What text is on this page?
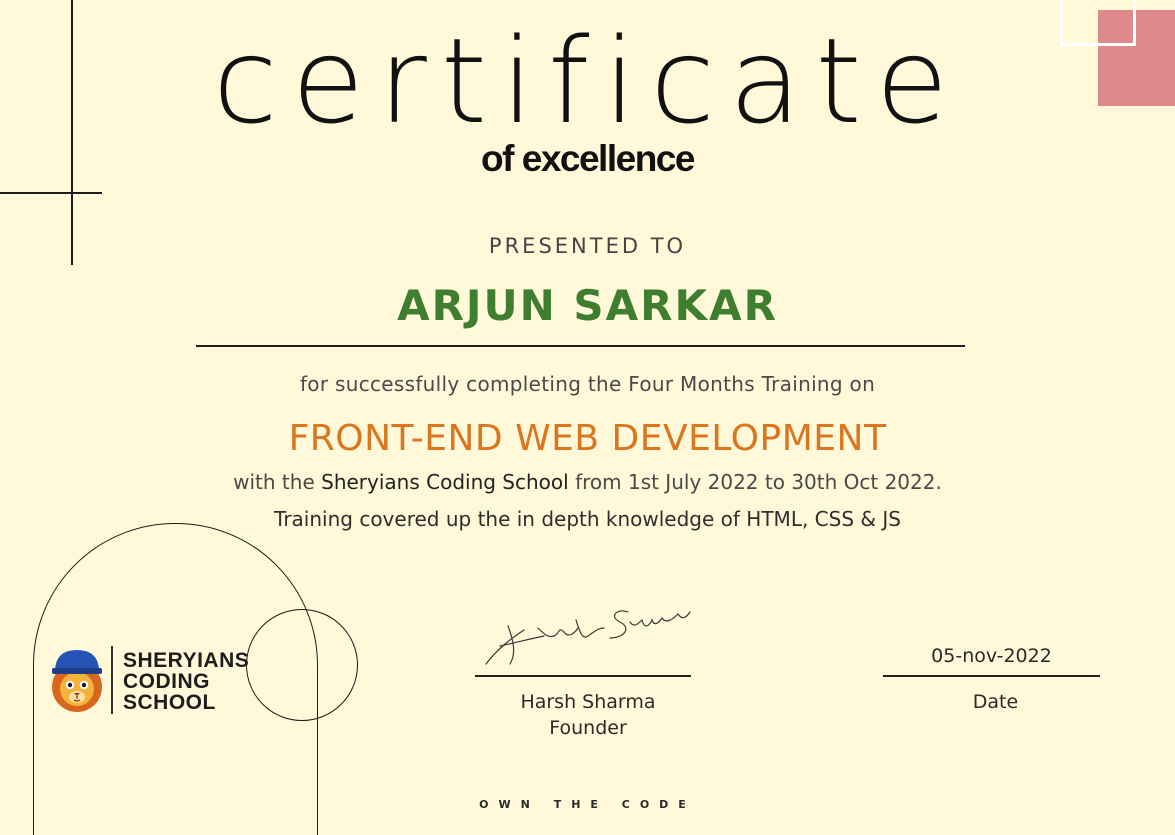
certificate
of excellence
PRESENTED TO
ARJUN SARKAR
for successfully completing the Four Months Training on
FRONT-END WEB DEVELOPMENT
with the Sheryians Coding School from 1st July 2022 to 30th Oct 2022.
Training covered up the in depth knowledge of HTML, CSS & JS
SHERYIANS
CODING
SCHOOL	Harsh Sharma
Founder
05-nov-2022
Date
OWN THE CODE
